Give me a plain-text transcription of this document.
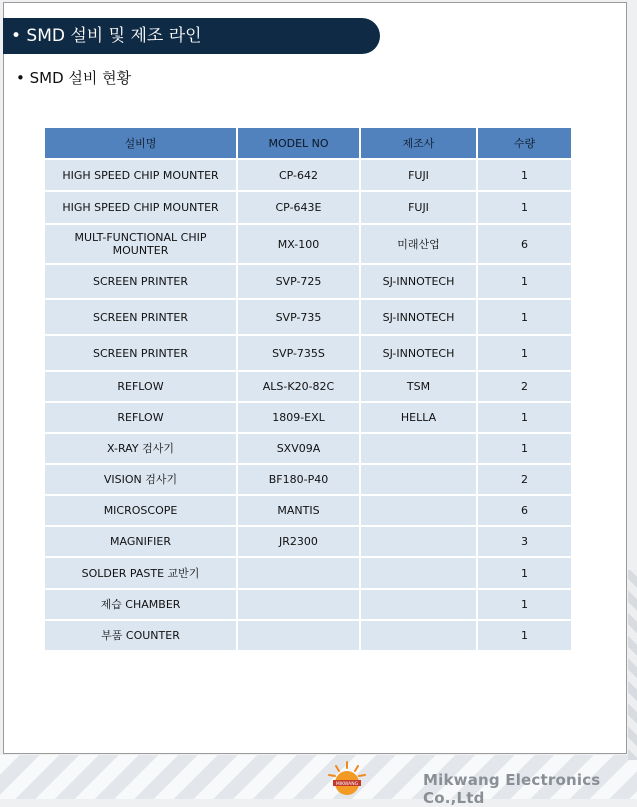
• SMD 설비 및 제조 라인
• SMD 설비 현황
설비명	MODEL NO	제조사	수량
HIGH SPEED CHIP MOUNTER	CP-642	FUJI	1
HIGH SPEED CHIP MOUNTER	CP-643E	FUJI	1
MULT-FUNCTIONAL CHIP MOUNTER	MX-100	미래산업	6
SCREEN PRINTER	SVP-725	SJ-INNOTECH	1
SCREEN PRINTER	SVP-735	SJ-INNOTECH	1
SCREEN PRINTER	SVP-735S	SJ-INNOTECH	1
REFLOW	ALS-K20-82C	TSM	2
REFLOW	1809-EXL	HELLA	1
X-RAY 검사기	SXV09A		1
VISION 검사기	BF180-P40		2
MICROSCOPE	MANTIS		6
MAGNIFIER	JR2300		3
SOLDER PASTE 교반기			1
제습 CHAMBER			1
부품 COUNTER			1
MIKWANG	Mikwang Electronics Co.,Ltd
